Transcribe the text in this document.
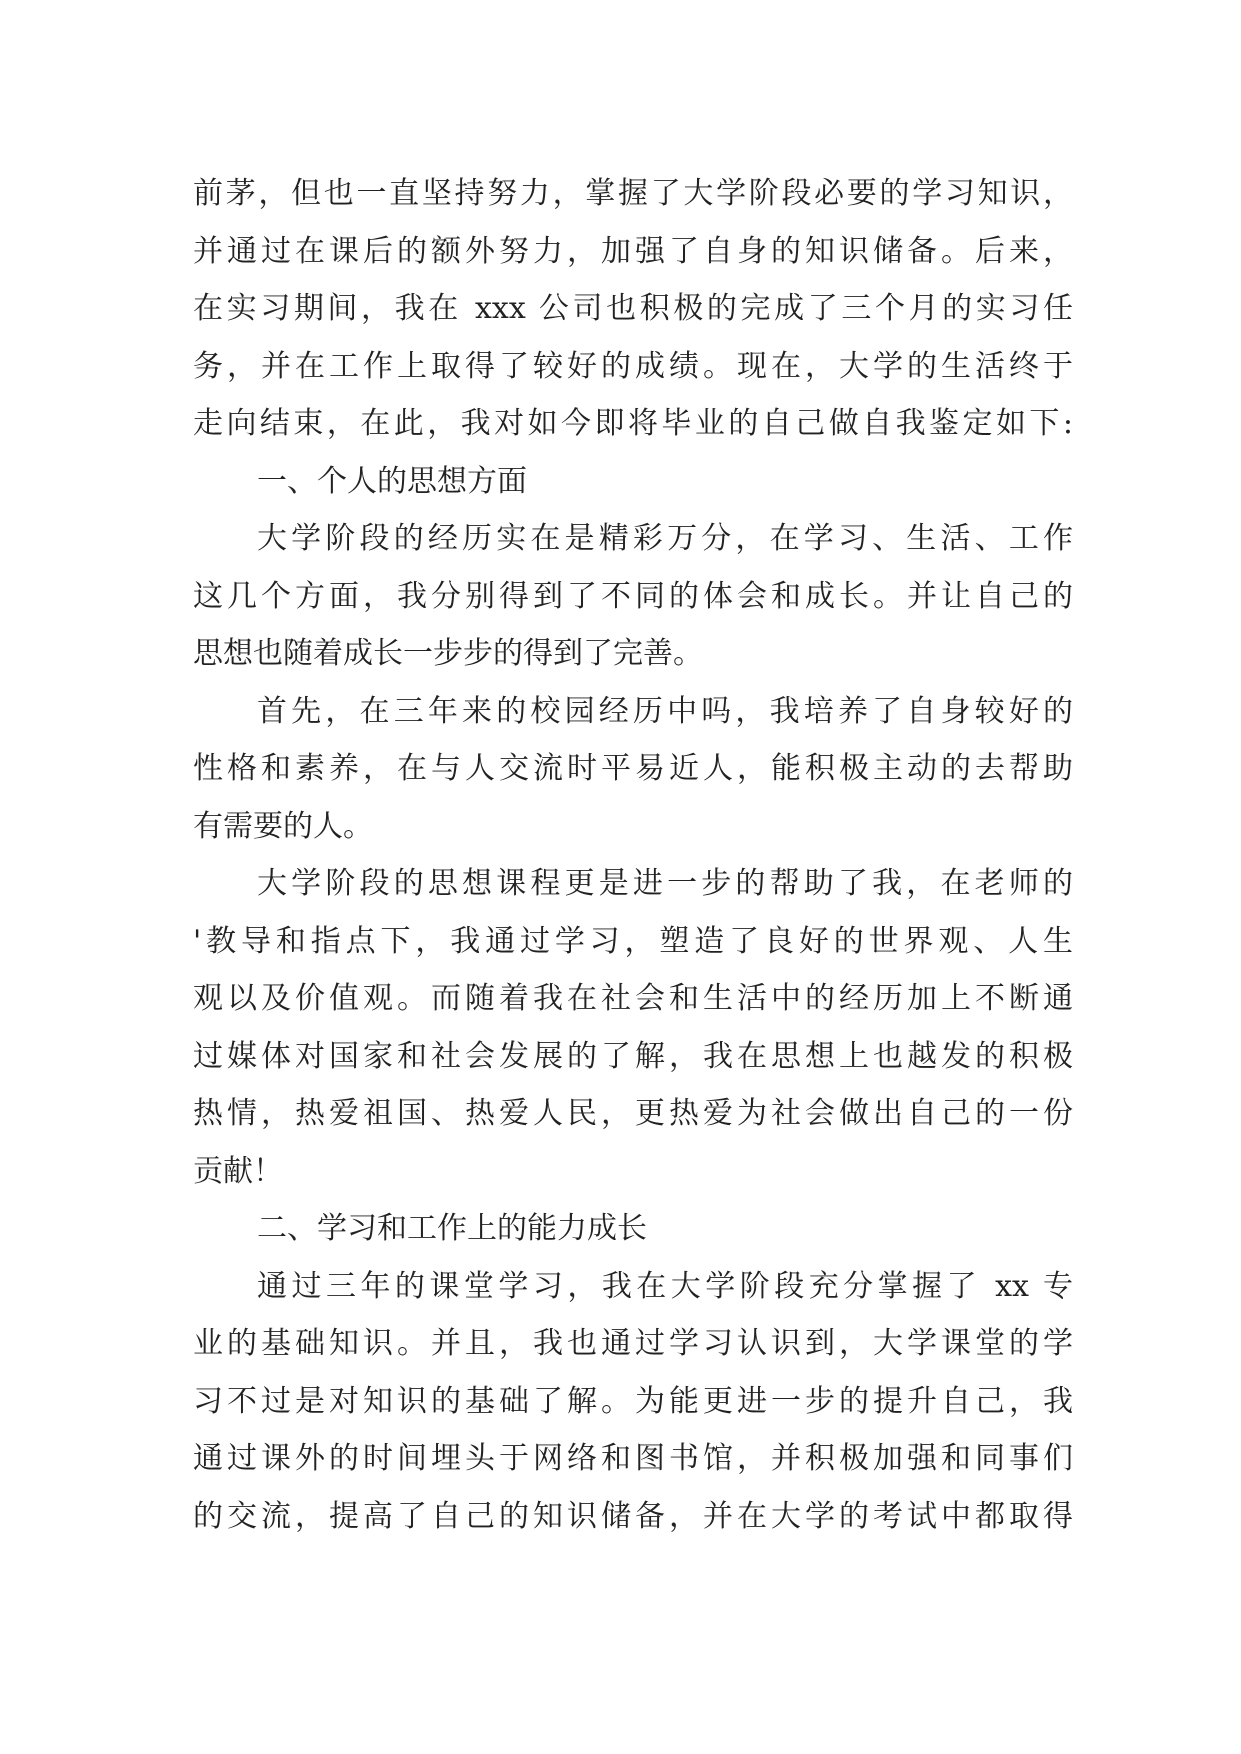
前茅，但也一直坚持努力，掌握了大学阶段必要的学习知识，
并通过在课后的额外努力，加强了自身的知识储备。后来，
在实习期间，我在 xxx 公司也积极的完成了三个月的实习任
务，并在工作上取得了较好的成绩。现在，大学的生活终于
走向结束，在此，我对如今即将毕业的自己做自我鉴定如下:
一、个人的思想方面
大学阶段的经历实在是精彩万分，在学习、生活、工作
这几个方面，我分别得到了不同的体会和成长。并让自己的
思想也随着成长一步步的得到了完善。
首先，在三年来的校园经历中吗，我培养了自身较好的
性格和素养，在与人交流时平易近人，能积极主动的去帮助
有需要的人。
大学阶段的思想课程更是进一步的帮助了我，在老师的
'教导和指点下，我通过学习，塑造了良好的世界观、人生
观以及价值观。而随着我在社会和生活中的经历加上不断通
过媒体对国家和社会发展的了解，我在思想上也越发的积极
热情，热爱祖国、热爱人民，更热爱为社会做出自己的一份
贡献！
二、学习和工作上的能力成长
通过三年的课堂学习，我在大学阶段充分掌握了 xx 专
业的基础知识。并且，我也通过学习认识到，大学课堂的学
习不过是对知识的基础了解。为能更进一步的提升自己，我
通过课外的时间埋头于网络和图书馆，并积极加强和同事们
的交流，提高了自己的知识储备，并在大学的考试中都取得
